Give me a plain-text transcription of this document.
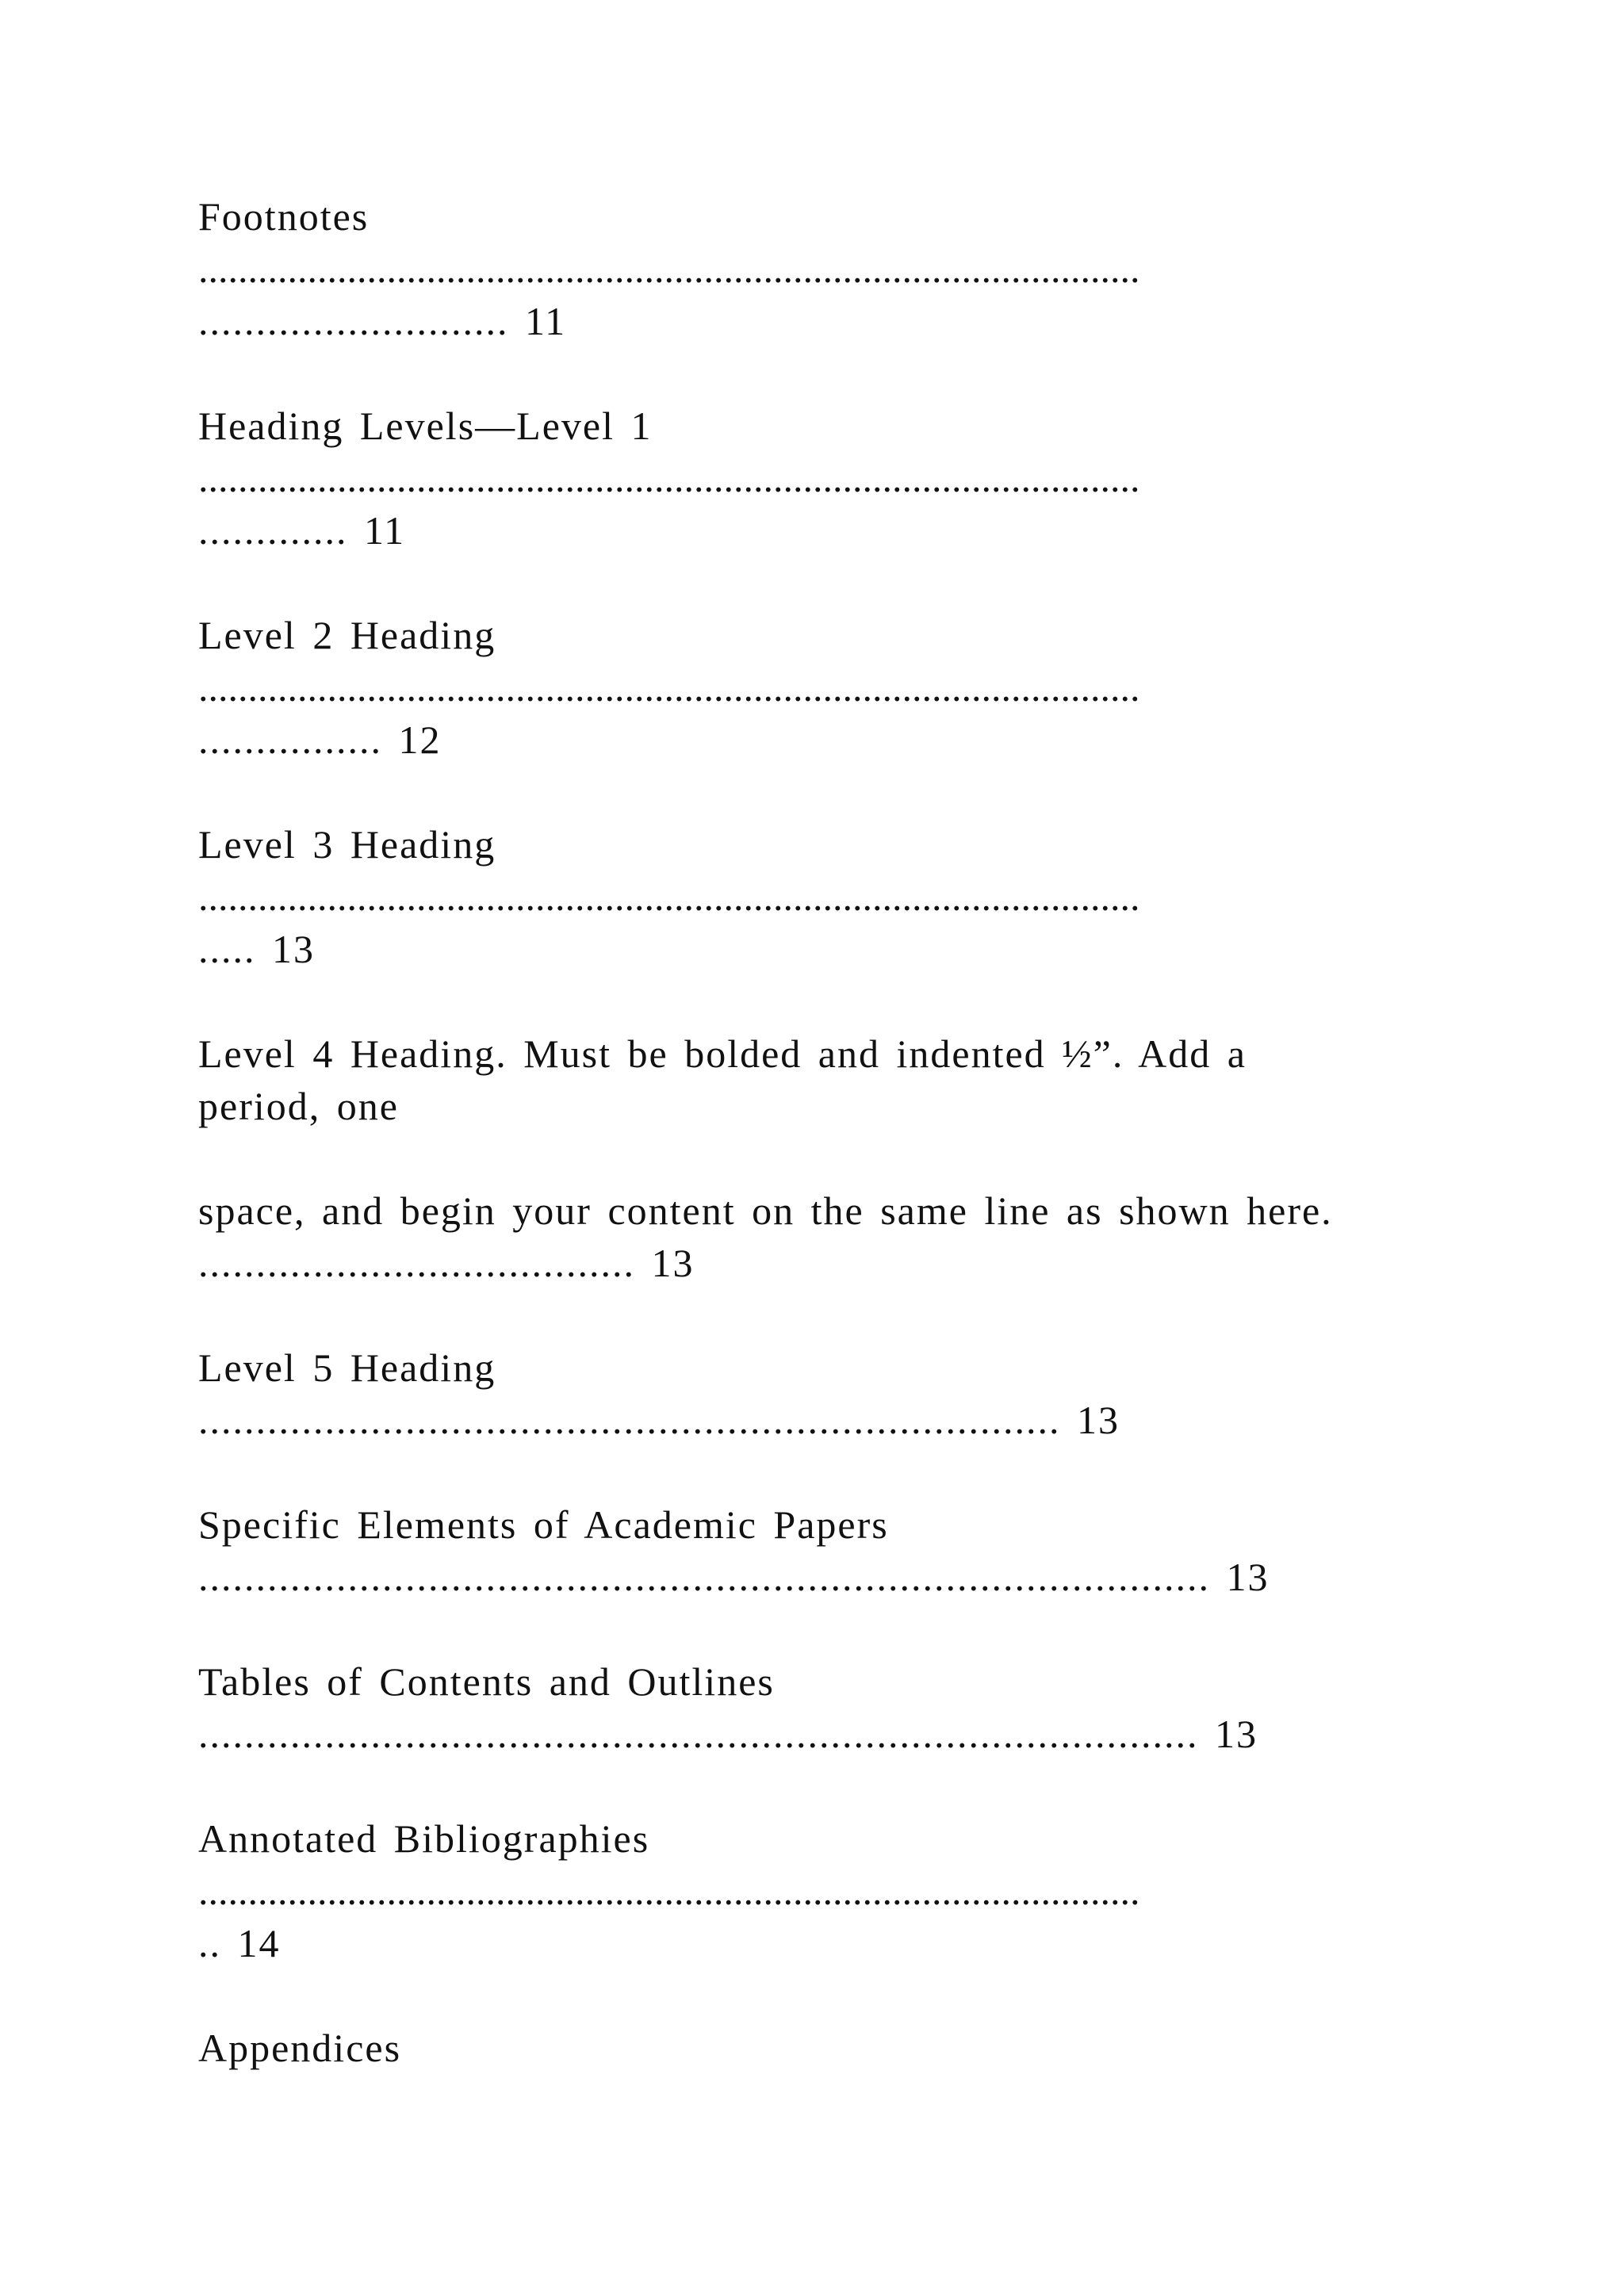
Footnotes
...............................................................................................
........................... 11
Heading Levels—Level 1
...............................................................................................
............. 11
Level 2 Heading
...............................................................................................
................ 12
Level 3 Heading
...............................................................................................
..... 13
Level 4 Heading. Must be bolded and indented ½”. Add a
period, one
space, and begin your content on the same line as shown here.
...................................... 13
Level 5 Heading
........................................................................... 13
Specific Elements of Academic Papers
........................................................................................ 13
Tables of Contents and Outlines
....................................................................................... 13
Annotated Bibliographies
...............................................................................................
.. 14
Appendices
